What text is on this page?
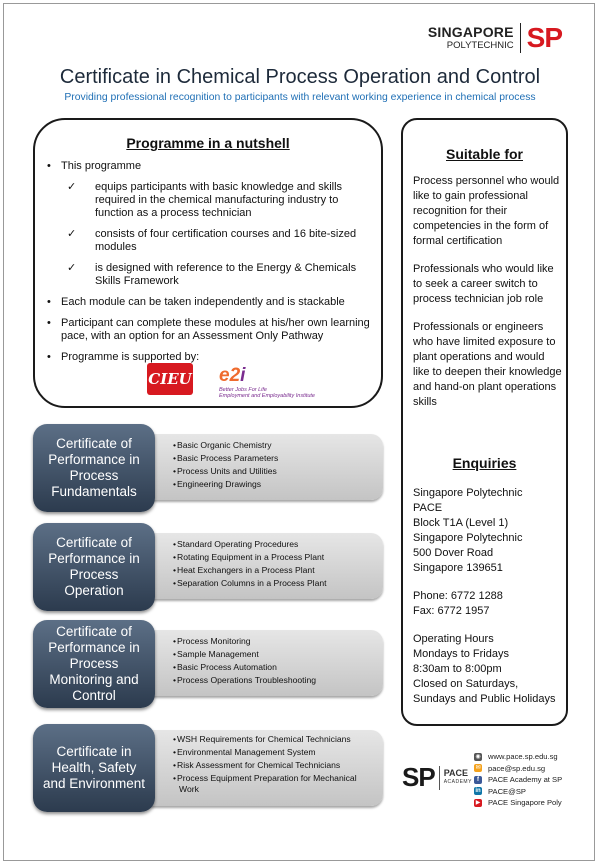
SINGAPORE
POLYTECHNIC SP
Certificate in Chemical Process Operation and Control
Providing professional recognition to participants with relevant working experience in chemical process
Programme in a nutshell
• This programme
✓	equips participants with basic knowledge and skills required in the chemical manufacturing industry to function as a process technician
✓	consists of four certification courses and 16 bite-sized modules
✓	is designed with reference to the Energy & Chemicals Skills Framework
• Each module can be taken independently and is stackable
• Participant can complete these modules at his/her own learning pace, with an option for an Assessment Only Pathway
• Programme is supported by:
CIEU e2i
Better Jobs For Life
Employment and Employability Institute
• Basic Organic Chemistry
• Basic Process Parameters
• Process Units and Utilities
• Engineering Drawings
Certificate of Performance in Process Fundamentals
• Standard Operating Procedures
• Rotating Equipment in a Process Plant
• Heat Exchangers in a Process Plant
• Separation Columns in a Process Plant
Certificate of Performance in Process Operation
• Process Monitoring
• Sample Management
• Basic Process Automation
• Process Operations Troubleshooting
Certificate of Performance in Process Monitoring and Control
• WSH Requirements for Chemical Technicians
• Environmental Management System
• Risk Assessment for Chemical Technicians
• Process Equipment Preparation for Mechanical Work
Certificate in Health, Safety and Environment
Suitable for

Process personnel who would like to gain professional recognition for their competencies in the form of formal certification

Professionals who would like to seek a career switch to process technician job role

Professionals or engineers who have limited exposure to plant operations and would like to deepen their knowledge and hand-on plant operations skills

Enquiries

Singapore Polytechnic
PACE
Block T1A (Level 1)
Singapore Polytechnic
500 Dover Road
Singapore 139651

Phone: 6772 1288
Fax: 6772 1957

Operating Hours
Mondays to Fridays
8:30am to 8:00pm
Closed on Saturdays, Sundays and Public Holidays

SP PACE
ACADEMY
◉ www.pace.sp.edu.sg
✉ pace@sp.edu.sg
f	PACE Academy at SP
in PACE@SP
▶ PACE Singapore Poly
